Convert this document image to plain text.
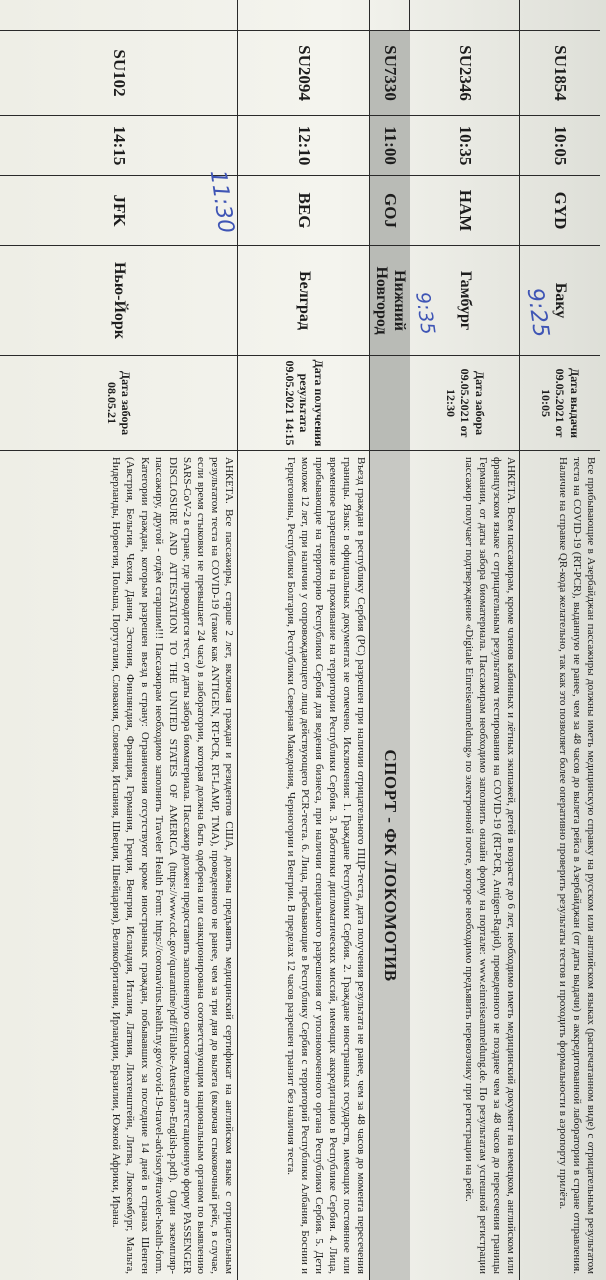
SU1854
10:05
GYD
Баку
Дата выдачи 09.05.2021 от 10:05
Все прибывающие в Азербайджан пассажиры должны иметь медицинскую справку на русском или английском языках (распечатанном виде) с отрицательным результатом теста на COVID-19 (RT-PCR), выданную не ранее, чем за 48 часов до вылета рейса в Азербайджан (от даты выдачи) в аккредитованной лаборатории в стране отправления. Наличие на справке QR-кода желательно, так как это позволяет более оперативно проверить результаты тестов и проходить формальности в аэропорту прилёта.
SU2346
10:35
HAM
Гамбург
Дата забора 09.05.2021 от 12:30
АНКЕТА. Всем пассажирам, кроме членов кабинных и лётных экипажей, детей в возрасте до 6 лет, необходимо иметь медицинский документ на немецком, английском или французском языке с отрицательным результатом тестирования на COVID-19 (RT-PCR, Antigen-Rapid), проведенного не позднее чем за 48 часов до пересечения границы Германии, от даты забора биоматериала. Пассажирам необходимо заполнить онлайн форму на портале: www.einreiseanmeldung.de. По результатам успешной регистрации пассажир получает подтверждение «Digitale Einreiseanmeldung» по электронной почте, которое необходимо предъявить перевозчику при регистрации на рейс.
SU7330
11:00
GOJ
Нижний Новгород
СПОРТ - ФК ЛОКОМОТИВ
SU2094
12:10
BEG
Белград
Дата получения результата 09.05.2021 14:15
Въезд граждан в республику Сербия (РС) разрешен при наличии отрицательного ПЦР-теста, дата получения результата не ранее, чем за 48 часов до момента пересечения границы. Язык: в официальных документах не отмечено. Исключения: 1. Граждане Республики Сербия. 2. Граждане иностранных государств, имеющих постоянное или временное разрешение на проживание на территории Республики Сербия. 3. Работники дипломатических миссий, имеющих аккредитацию в Республике Сербия. 4. Лица, прибывающие на территорию Республики Сербия для ведения бизнеса, при наличии специального разрешения от уполномоченного органа Республики Сербия. 5. Дети моложе 12 лет, при наличии у сопровождающего лица действующего PCR-теста. 6. Лица, пребывающие в Республику Сербия с территорий Республики Албания, Боснии и Герцеговины, Республики Болгария, Республики Северная Македония, Черногории и Венгрии. В пределах 12 часов разрешен транзит без наличия теста.
SU102
14:15
JFK
Нью-Йорк
Дата забора 08.05.21
АНКЕТА. Все пассажиры, старше 2 лет, включая граждан и резидентов США, должны предъявить медицинский сертификат на английском языке с отрицательным результатом теста на COVID-19 (такие как ANTIGEN, RT-PCR, RT-LAMP, TMA), проведенного не ранее, чем за три дня до вылета (включая стыковочный рейс, в случае, если время стыковки не превышает 24 часа) в лаборатории, которая должна быть одобрена или санкционирована соответствующим национальным органом по выявлению SARS-CoV-2 в стране, где проводится тест, от даты забора биоматериала. Пассажир должен предоставить заполненную самостоятельно аттестационную форму PASSENGER DISCLOSURE AND ATTESTATION TO THE UNITED STATES OF AMERICA (https://www.cdc.gov/quarantine/pdf/Fillable-Attestation-English-p.pdf). Один экземпляр- пассажиру, другой - отдём старшим!!! Пассажирам необходимо заполнить Traveler Health Form: https://coronavirus.health.ny.gov/covid-19-travel-advisory#traveler-health-form. Категории граждан, которым разрешен въезд в страну: Ограничения отсутствуют кроме иностранных граждан, побывавших за последние 14 дней в странах Шенген (Австрия, Бельгия, Чехия, Дания, Эстония, Финляндия, Франция, Германия, Греция, Венгрия, Исландия, Италия, Латвия, Лихтенштейн, Литва, Люксембург, Мальта, Нидерланды, Норвегия, Польша, Португалия, Словакия, Словения, Испания, Швеция, Швейцария), Великобритании, Ирландии, Бразилии, Южной Африки, Ирана.
9:25
9:35
11:30
